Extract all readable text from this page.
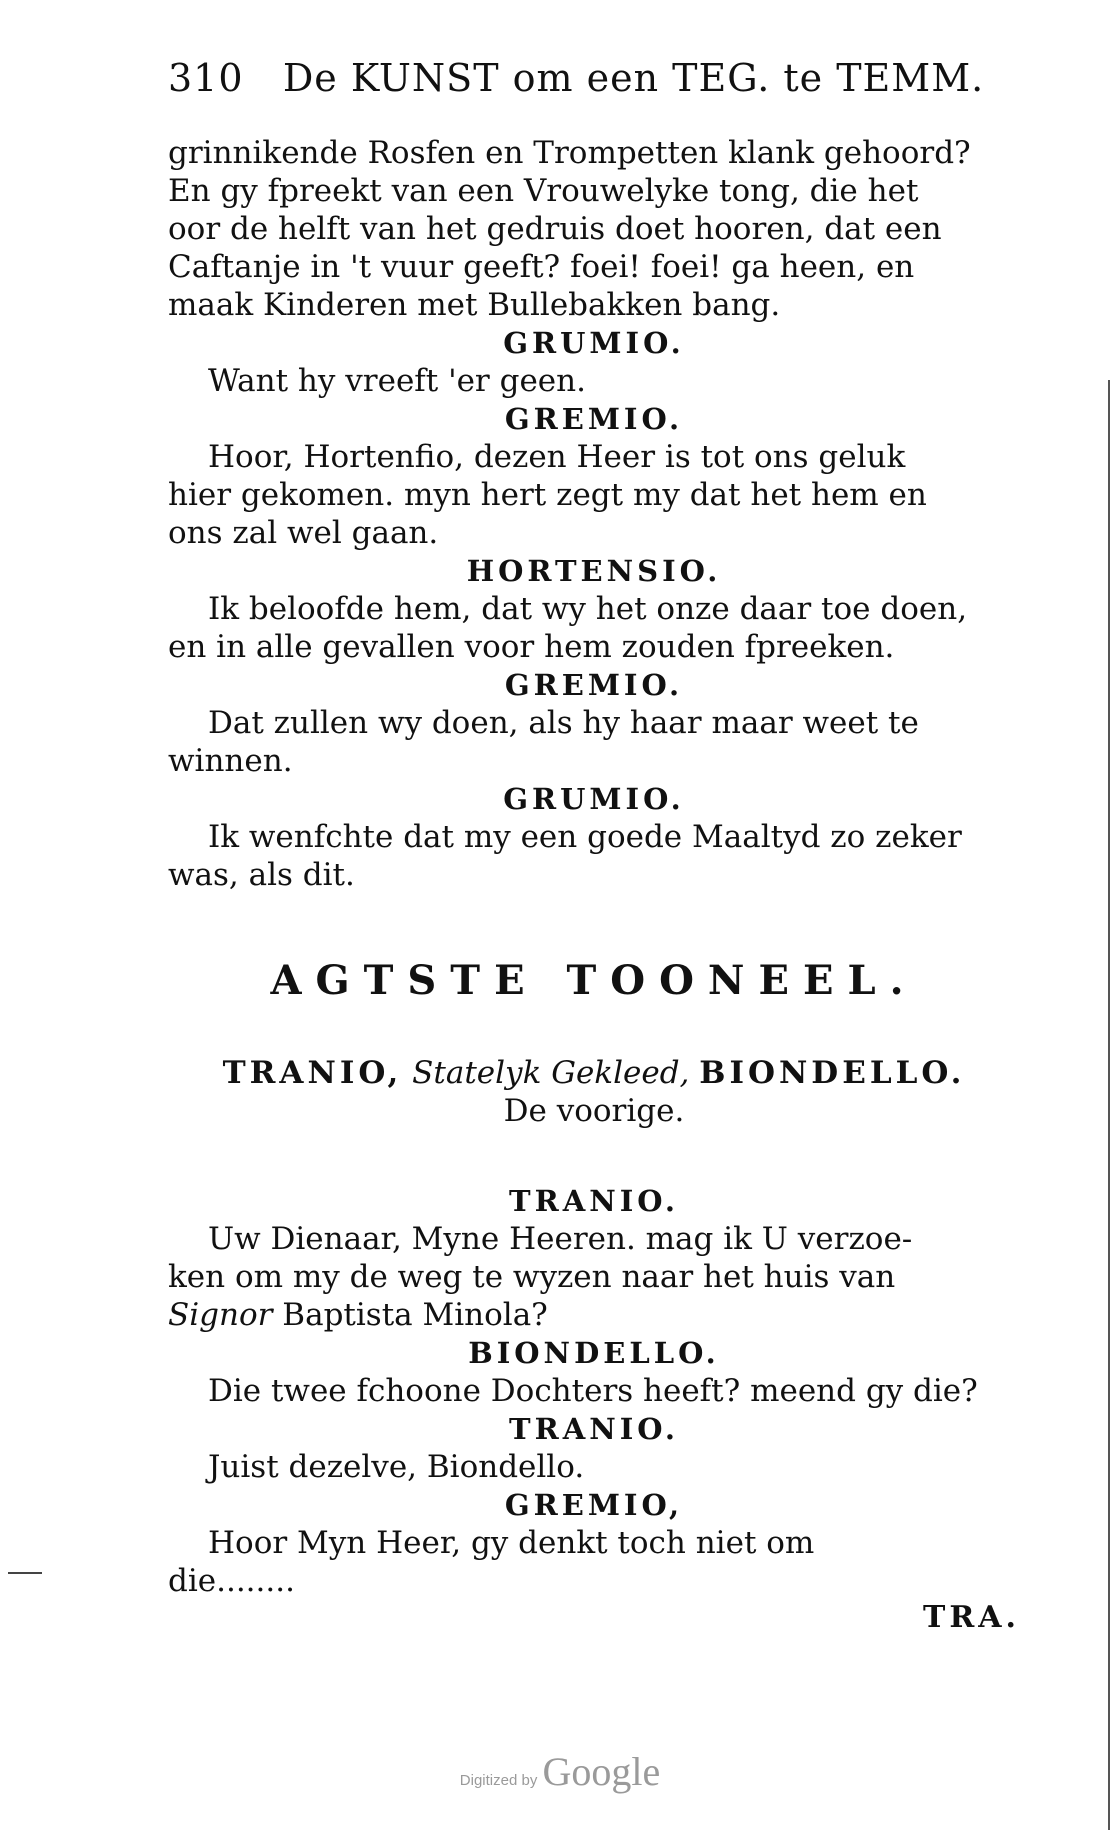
310 De KUNST om een TEG. te TEMM.
grinnikende Rosfen en Trompetten klank gehoord?
En gy fpreekt van een Vrouwelyke tong, die het
oor de helft van het gedruis doet hooren, dat een
Caftanje in 't vuur geeft? foei! foei! ga heen, en
maak Kinderen met Bullebakken bang.
GRUMIO.
Want hy vreeft 'er geen.
GREMIO.
Hoor, Hortenfio, dezen Heer is tot ons geluk
hier gekomen. myn hert zegt my dat het hem en
ons zal wel gaan.
HORTENSIO.
Ik beloofde hem, dat wy het onze daar toe doen,
en in alle gevallen voor hem zouden fpreeken.
GREMIO.
Dat zullen wy doen, als hy haar maar weet te
winnen.
GRUMIO.
Ik wenfchte dat my een goede Maaltyd zo zeker
was, als dit.
AGTSTE TOONEEL.
TRANIO, Statelyk Gekleed, BIONDELLO.
De voorige.
TRANIO.
Uw Dienaar, Myne Heeren. mag ik U verzoe-
ken om my de weg te wyzen naar het huis van
Signor Baptista Minola?
BIONDELLO.
Die twee fchoone Dochters heeft? meend gy die?
TRANIO.
Juist dezelve, Biondello.
GREMIO,
Hoor Myn Heer, gy denkt toch niet om
die........
TRA.
Digitized by Google
